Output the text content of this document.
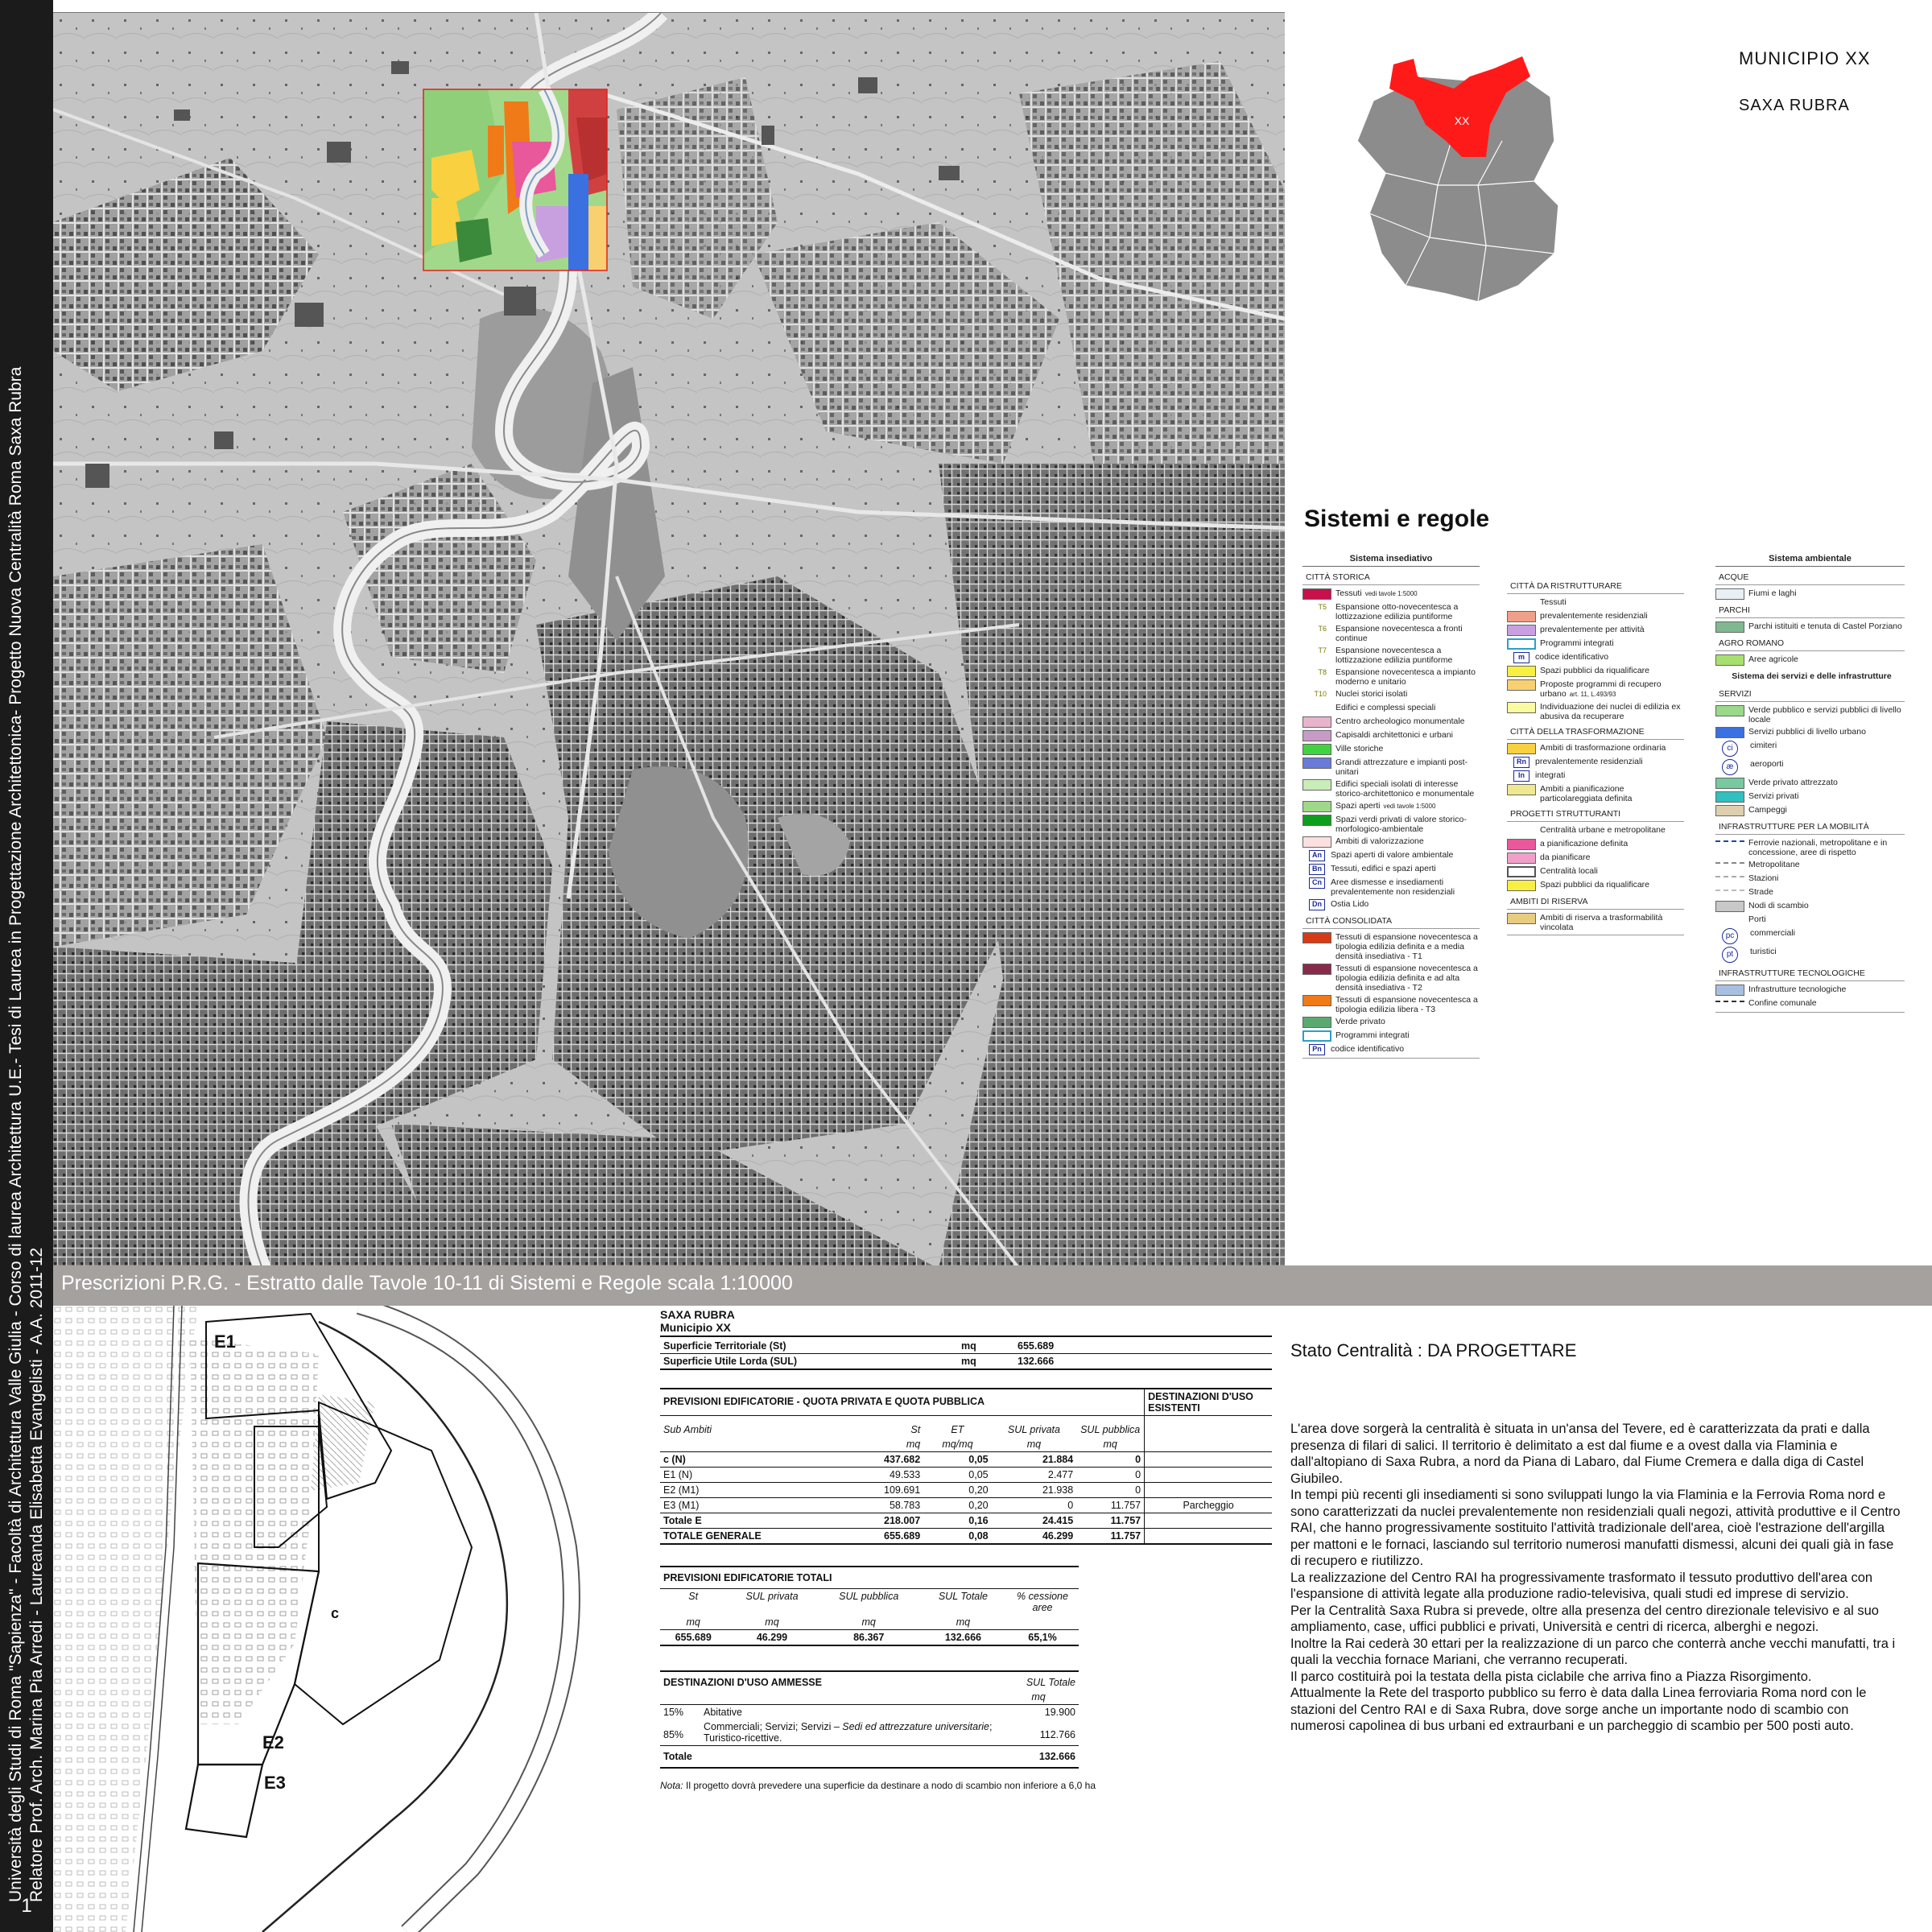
Università degli Studi di Roma "Sapienza" - Facoltà di Architettura Valle Giulia - Corso di laurea Architettura U.E.- Tesi di Laurea in Progettazione Architettonica- Progetto Nuova Centralità Roma Saxa Rubra Relatore Prof. Arch. Marina Pia Arredi - Laureanda Elisabetta Evangelisti - A.A. 2011-12
1
XX
MUNICIPIO XX
SAXA RUBRA
Sistemi e regole
Sistema insediativo
CITTÀ STORICA
Tessuti vedi tavole 1:5000
T5	Espansione otto-novecentesca a lottizzazione edilizia puntiforme
T6	Espansione novecentesca a fronti continue
T7	Espansione novecentesca a lottizzazione edilizia puntiforme
T8	Espansione novecentesca a impianto moderno e unitario
T10	Nuclei storici isolati
Edifici e complessi speciali
Centro archeologico monumentale
Capisaldi architettonici e urbani
Ville storiche
Grandi attrezzature e impianti post-unitari
Edifici speciali isolati di interesse storico-architettonico e monumentale
Spazi aperti vedi tavole 1:5000
Spazi verdi privati di valore storico-morfologico-ambientale
Ambiti di valorizzazione
An	Spazi aperti di valore ambientale
Bn	Tessuti, edifici e spazi aperti
Cn	Aree dismesse e insediamenti prevalentemente non residenziali
Dn	Ostia Lido
CITTÀ CONSOLIDATA
Tessuti di espansione novecentesca a tipologia edilizia definita e a media densità insediativa - T1
Tessuti di espansione novecentesca a tipologia edilizia definita e ad alta densità insediativa - T2
Tessuti di espansione novecentesca a tipologia edilizia libera - T3
Verde privato
Programmi integrati
Pn	codice identificativo
CITTÀ DA RISTRUTTURARE
Tessuti
prevalentemente residenziali
prevalentemente per attività
Programmi integrati
m	codice identificativo
Spazi pubblici da riqualificare
Proposte programmi di recupero urbano art. 11, L.493/93
Individuazione dei nuclei di edilizia ex abusiva da recuperare
CITTÀ DELLA TRASFORMAZIONE
Ambiti di trasformazione ordinaria
Rn	prevalentemente residenziali
In	integrati
Ambiti a pianificazione particolareggiata definita
PROGETTI STRUTTURANTI
Centralità urbane e metropolitane
a pianificazione definita
da pianificare
Centralità locali
Spazi pubblici da riqualificare
AMBITI DI RISERVA
Ambiti di riserva a trasformabilità vincolata
Sistema ambientale
ACQUE
Fiumi e laghi
PARCHI
Parchi istituiti e tenuta di Castel Porziano
AGRO ROMANO
Aree agricole
Sistema dei servizi e delle infrastrutture
SERVIZI
Verde pubblico e servizi pubblici di livello locale
Servizi pubblici di livello urbano
ci	cimiteri
æ	aeroporti
Verde privato attrezzato
Servizi privati
Campeggi
INFRASTRUTTURE PER LA MOBILITÀ
Ferrovie nazionali, metropolitane e in concessione, aree di rispetto
Metropolitane
Stazioni
Strade
Nodi di scambio
Porti
pc	commerciali
pt	turistici
INFRASTRUTTURE TECNOLOGICHE
Infrastrutture tecnologiche
Confine comunale
Prescrizioni P.R.G. - Estratto dalle Tavole 10-11 di Sistemi e Regole scala 1:10000
E1
c
E2
E3
SAXA RUBRA
Municipio XX
Superficie Territoriale (St)	mq	655.689
Superficie Utile Lorda (SUL)	mq	132.666
PREVISIONI EDIFICATORIE - QUOTA PRIVATA E QUOTA PUBBLICA					DESTINAZIONI D'USO ESISTENTI
Sub Ambiti	St	ET	SUL privata	SUL pubblica	
	mq	mq/mq	mq	mq	
c (N)	437.682	0,05	21.884	0	
E1 (N)	49.533	0,05	2.477	0	
E2 (M1)	109.691	0,20	21.938	0	
E3 (M1)	58.783	0,20	0	11.757	Parcheggio
Totale E	218.007	0,16	24.415	11.757	
TOTALE GENERALE	655.689	0,08	46.299	11.757	
PREVISIONI EDIFICATORIE TOTALI				
St	SUL privata	SUL pubblica	SUL Totale	% cessione aree
mq	mq	mq	mq	
655.689	46.299	86.367	132.666	65,1%
DESTINAZIONI D'USO AMMESSE		SUL Totale
		mq
15%	Abitative	19.900
85%	Commerciali; Servizi; Servizi – Sedi ed attrezzature universitarie; Turistico-ricettive.	112.766
Totale		132.666
Nota: Il progetto dovrà prevedere una superficie da destinare a nodo di scambio non inferiore a 6,0 ha
Stato Centralità : DA PROGETTARE

L'area dove sorgerà la centralità è situata in un'ansa del Tevere, ed è caratterizzata da prati e dalla presenza di filari di salici. Il territorio è delimitato a est dal fiume e a ovest dalla via Flaminia e dall'altopiano di Saxa Rubra, a nord da Piana di Labaro, dal Fiume Cremera e dalla diga di Castel Giubileo.

In tempi più recenti gli insediamenti si sono sviluppati lungo la via Flaminia e la Ferrovia Roma nord e sono caratterizzati da nuclei prevalentemente non residenziali quali negozi, attività produttive e il Centro RAI, che hanno progressivamente sostituito l'attività tradizionale dell'area, cioè l'estrazione dell'argilla per mattoni e le fornaci, lasciando sul territorio numerosi manufatti dismessi, alcuni dei quali già in fase di recupero e riutilizzo.

La realizzazione del Centro RAI ha progressivamente trasformato il tessuto produttivo dell'area con l'espansione di attività legate alla produzione radio-televisiva, quali studi ed imprese di servizio.

Per la Centralità Saxa Rubra si prevede, oltre alla presenza del centro direzionale televisivo e al suo ampliamento, case, uffici pubblici e privati, Università e centri di ricerca, alberghi e negozi.

Inoltre la Rai cederà 30 ettari per la realizzazione di un parco che conterrà anche vecchi manufatti, tra i quali la vecchia fornace Mariani, che verranno recuperati.

Il parco costituirà poi la testata della pista ciclabile che arriva fino a Piazza Risorgimento.

Attualmente la Rete del trasporto pubblico su ferro è data dalla Linea ferroviaria Roma nord con le stazioni del Centro RAI e di Saxa Rubra, dove sorge anche un importante nodo di scambio con numerosi capolinea di bus urbani ed extraurbani e un parcheggio di scambio per 500 posti auto.
